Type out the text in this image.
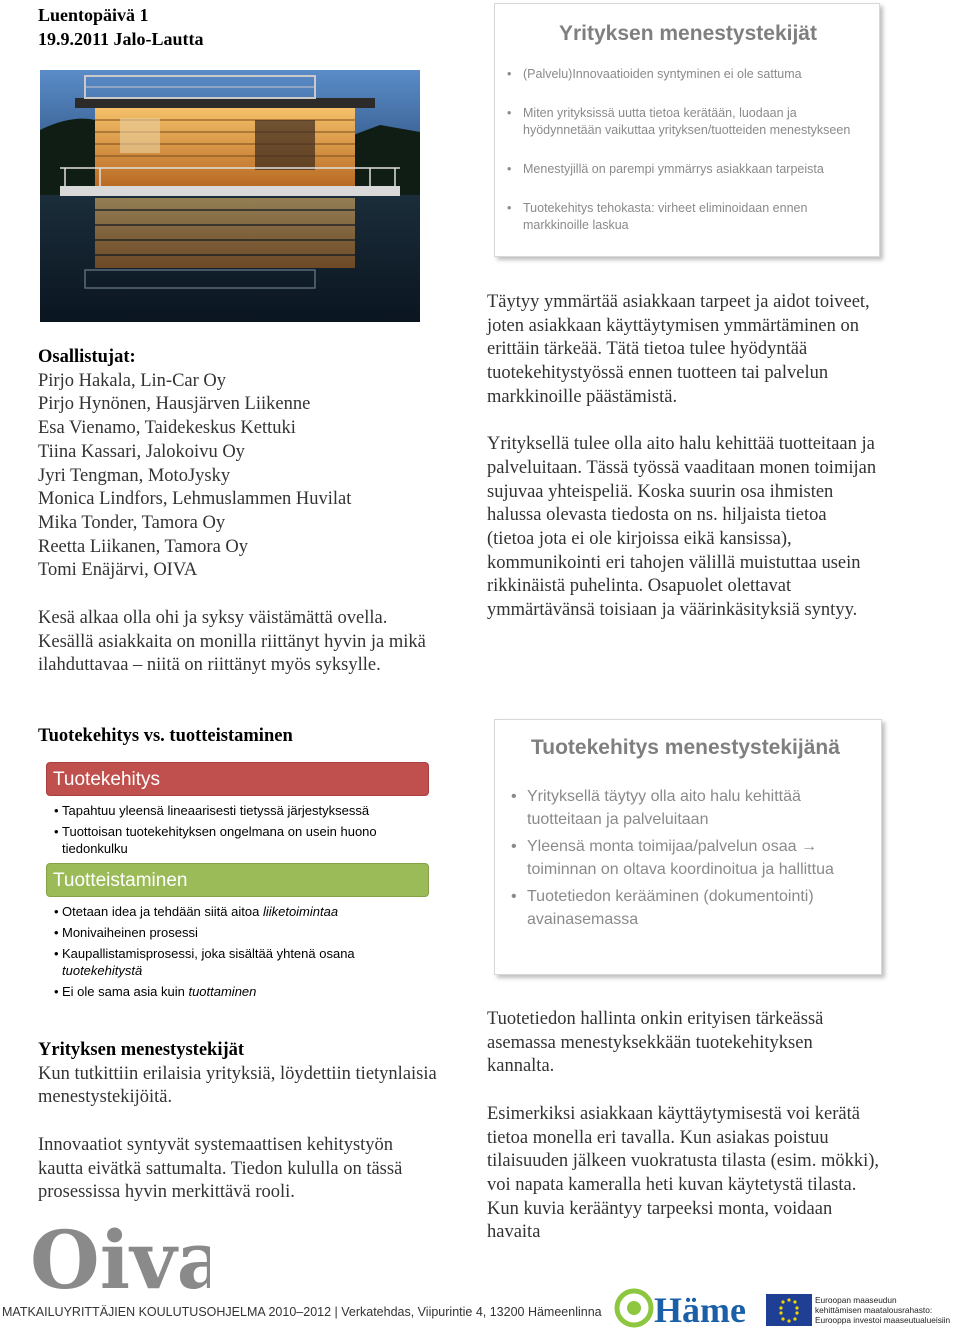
Luentopäivä 1
19.9.2011 Jalo-Lautta
Osallistujat:
Pirjo Hakala, Lin-Car Oy
Pirjo Hynönen, Hausjärven Liikenne
Esa Vienamo, Taidekeskus Kettuki
Tiina Kassari, Jalokoivu Oy
Jyri Tengman, MotoJysky
Monica Lindfors, Lehmuslammen Huvilat
Mika Tonder, Tamora Oy
Reetta Liikanen, Tamora Oy
Tomi Enäjärvi, OIVA
Kesä alkaa olla ohi ja syksy väistämättä ovella. Kesällä asiakkaita on monilla riittänyt hyvin ja mikä ilahduttavaa – niitä on riittänyt myös syksylle.
Tuotekehitys vs. tuotteistaminen
Tuotekehitys
• Tapahtuu yleensä lineaarisesti tietyssä järjestyksessä
• Tuottoisan tuotekehityksen ongelmana on usein huono tiedonkulku
Tuotteistaminen
• Otetaan idea ja tehdään siitä aitoa liiketoimintaa
• Monivaiheinen prosessi
• Kaupallistamisprosessi, joka sisältää yhtenä osana tuotekehitystä
• Ei ole sama asia kuin tuottaminen
Yrityksen menestystekijät

Kun tutkittiin erilaisia yrityksiä, löydettiin tietynlaisia menestystekijöitä.

Innovaatiot syntyvät systemaattisen kehitystyön kautta eivätkä sattumalta. Tiedon kululla on tässä prosessissa hyvin merkittävä rooli.

Yrityksen menestystekijät
• (Palvelu)Innovaatioiden syntyminen ei ole sattuma
• Miten yrityksissä uutta tietoa kerätään, luodaan ja hyödynnetään vaikuttaa yrityksen/tuotteiden menestykseen
• Menestyjillä on parempi ymmärrys asiakkaan tarpeista
• Tuotekehitys tehokasta: virheet eliminoidaan ennen markkinoille laskua

Täytyy ymmärtää asiakkaan tarpeet ja aidot toiveet, joten asiakkaan käyttäytymisen ymmärtäminen on erittäin tärkeää. Tätä tietoa tulee hyödyntää tuotekehitystyössä ennen tuotteen tai palvelun markkinoille päästämistä.

Yrityksellä tulee olla aito halu kehittää tuotteitaan ja palveluitaan. Tässä työssä vaaditaan monen toimijan sujuvaa yhteispeliä. Koska suurin osa ihmisten halussa olevasta tiedosta on ns. hiljaista tietoa (tietoa jota ei ole kirjoissa eikä kansissa), kommunikointi eri tahojen välillä muistuttaa usein rikkinäistä puhelinta. Osapuolet olettavat ymmärtävänsä toisiaan ja väärinkäsityksiä syntyy.

Tuotekehitys menestystekijänä
• Yrityksellä täytyy olla aito halu kehittää tuotteitaan ja palveluitaan
• Yleensä monta toimijaa/palvelun osaa → toiminnan on oltava koordinoitua ja hallittua
• Tuotetiedon kerääminen (dokumentointi) avainasemassa

Tuotetiedon hallinta onkin erityisen tärkeässä asemassa menestyksekkään tuotekehityksen kannalta.

Esimerkiksi asiakkaan käyttäytymisestä voi kerätä tietoa monella eri tavalla. Kun asiakas poistuu tilaisuuden jälkeen vuokratusta tilasta (esim. mökki), voi napata kameralla heti kuvan käytetystä tilasta. Kun kuvia kerääntyy tarpeeksi monta, voidaan havaita

Oiva
MATKAILUYRITTÄJIEN KOULUTUSOHJELMA 2010–2012 | Verkatehdas, Viipurintie 4, 13200 Hämeenlinna Häme	Euroopan maaseudun
kehittämisen maatalousrahasto:
Eurooppa investoi maaseutualueisiin
